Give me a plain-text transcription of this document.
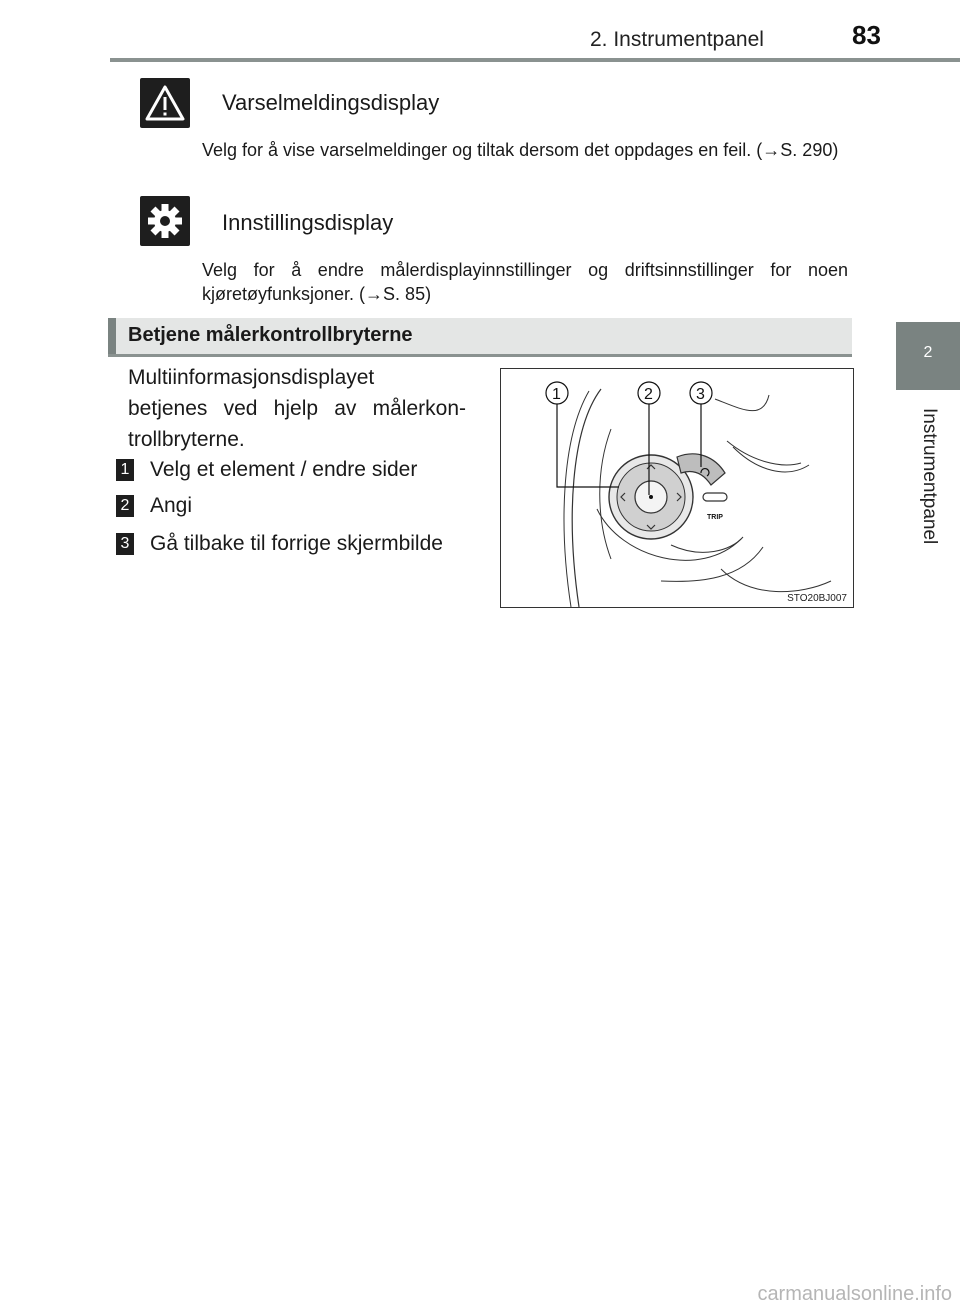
2. Instrumentpanel	83
2
Instrumentpanel
Varselmeldingsdisplay
Velg for å vise varselmeldinger og tiltak dersom det oppdages en feil. (→S. 290)
Innstillingsdisplay
Velg for å endre målerdisplayinnstillinger og driftsinnstillinger for noen kjøretøyfunksjoner. (→S. 85)
Betjene målerkontrollbryterne
Multiinformasjonsdisplayet
betjenes ved hjelp av målerkon-
trollbryterne.
1 Velg et element / endre sider
2 Angi
3 Gå tilbake til forrige skjermbilde
TRIP
1	2	3
STO20BJ007
carmanualsonline.info
